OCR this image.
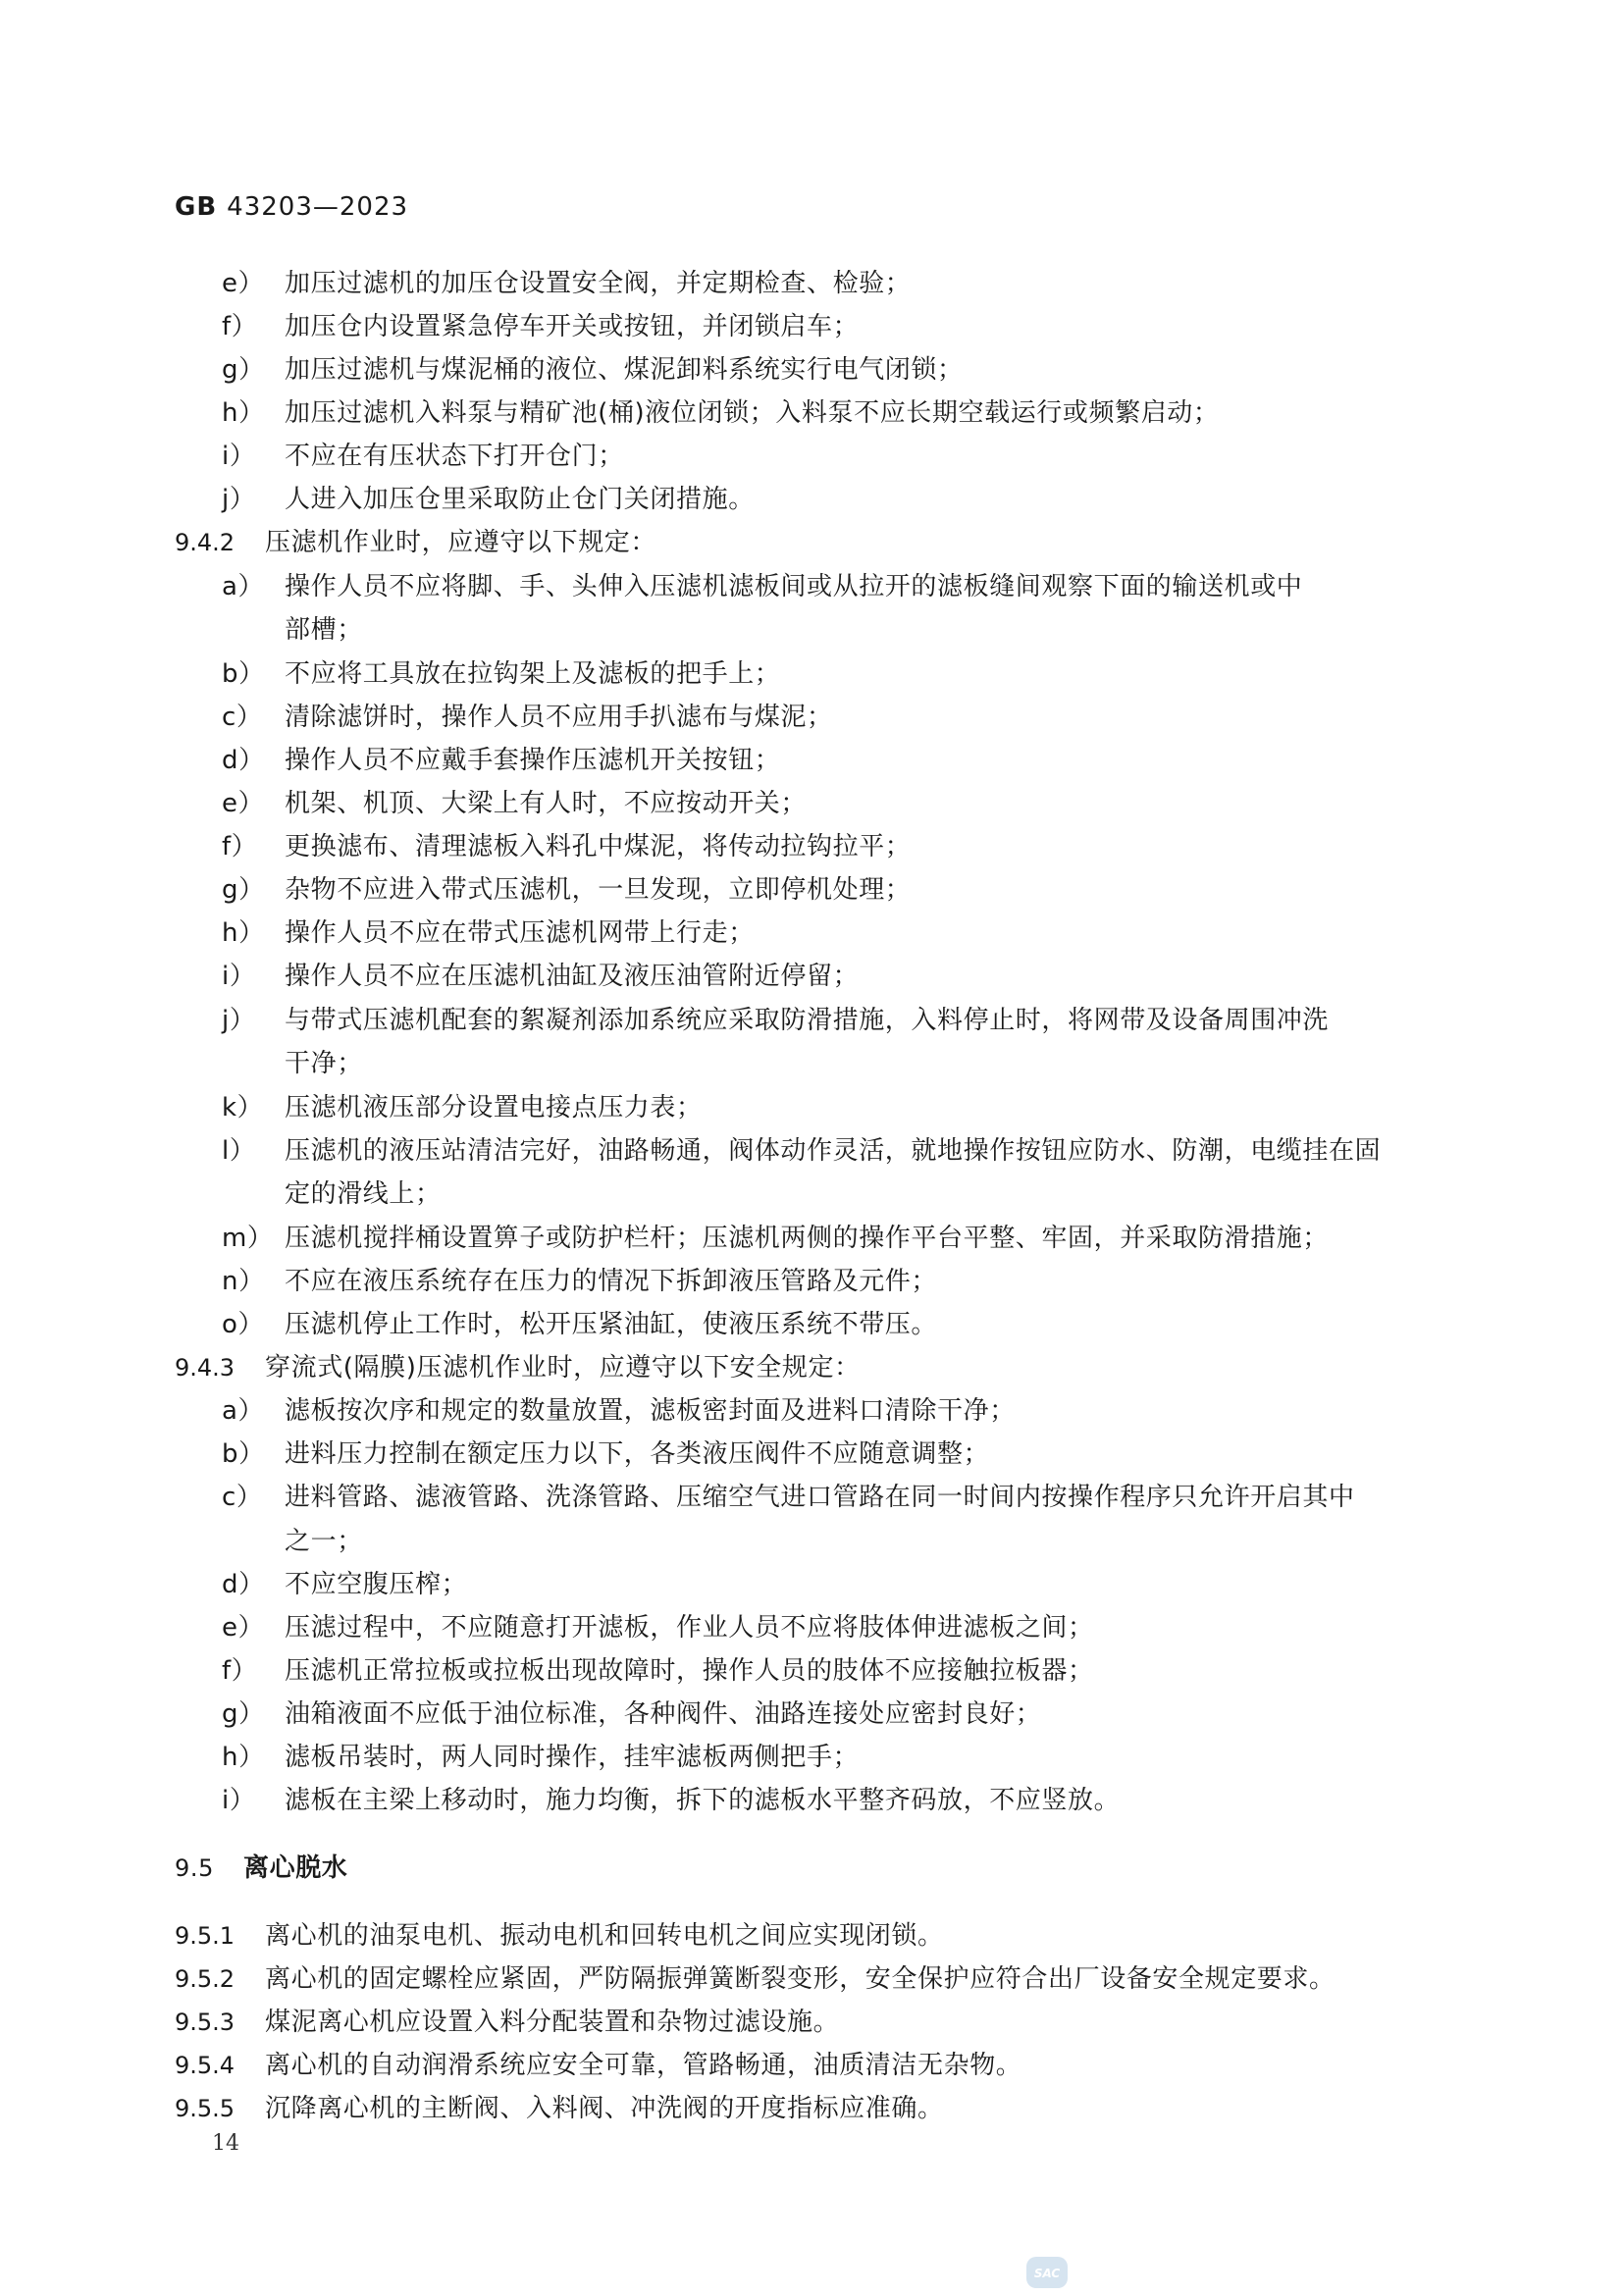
GB 43203—2023
e） 加压过滤机的加压仓设置安全阀，并定期检查、检验；
f）	加压仓内设置紧急停车开关或按钮，并闭锁启车；
g） 加压过滤机与煤泥桶的液位、煤泥卸料系统实行电气闭锁；
h） 加压过滤机入料泵与精矿池(桶)液位闭锁；入料泵不应长期空载运行或频繁启动；
i）	不应在有压状态下打开仓门；
j）	人进入加压仓里采取防止仓门关闭措施。
9.4.2 压滤机作业时，应遵守以下规定：
a） 操作人员不应将脚、手、头伸入压滤机滤板间或从拉开的滤板缝间观察下面的输送机或中
部槽；
b） 不应将工具放在拉钩架上及滤板的把手上；
c） 清除滤饼时，操作人员不应用手扒滤布与煤泥；
d） 操作人员不应戴手套操作压滤机开关按钮；
e） 机架、机顶、大梁上有人时，不应按动开关；
f）	更换滤布、清理滤板入料孔中煤泥，将传动拉钩拉平；
g） 杂物不应进入带式压滤机，一旦发现，立即停机处理；
h） 操作人员不应在带式压滤机网带上行走；
i）	操作人员不应在压滤机油缸及液压油管附近停留；
j）	与带式压滤机配套的絮凝剂添加系统应采取防滑措施，入料停止时，将网带及设备周围冲洗
干净；
k） 压滤机液压部分设置电接点压力表；
l）	压滤机的液压站清洁完好，油路畅通，阀体动作灵活，就地操作按钮应防水、防潮，电缆挂在固
定的滑线上；
m） 压滤机搅拌桶设置箅子或防护栏杆；压滤机两侧的操作平台平整、牢固，并采取防滑措施；
n） 不应在液压系统存在压力的情况下拆卸液压管路及元件；
o） 压滤机停止工作时，松开压紧油缸，使液压系统不带压。
9.4.3 穿流式(隔膜)压滤机作业时，应遵守以下安全规定：
a） 滤板按次序和规定的数量放置，滤板密封面及进料口清除干净；
b） 进料压力控制在额定压力以下，各类液压阀件不应随意调整；
c） 进料管路、滤液管路、洗涤管路、压缩空气进口管路在同一时间内按操作程序只允许开启其中
之一；
d） 不应空腹压榨；
e） 压滤过程中，不应随意打开滤板，作业人员不应将肢体伸进滤板之间；
f）	压滤机正常拉板或拉板出现故障时，操作人员的肢体不应接触拉板器；
g） 油箱液面不应低于油位标准，各种阀件、油路连接处应密封良好；
h） 滤板吊装时，两人同时操作，挂牢滤板两侧把手；
i）	滤板在主梁上移动时，施力均衡，拆下的滤板水平整齐码放，不应竖放。
9.5 离心脱水
9.5.1 离心机的油泵电机、振动电机和回转电机之间应实现闭锁。
9.5.2 离心机的固定螺栓应紧固，严防隔振弹簧断裂变形，安全保护应符合出厂设备安全规定要求。
9.5.3 煤泥离心机应设置入料分配装置和杂物过滤设施。
9.5.4 离心机的自动润滑系统应安全可靠，管路畅通，油质清洁无杂物。
9.5.5 沉降离心机的主断阀、入料阀、冲洗阀的开度指标应准确。
14
SAC
